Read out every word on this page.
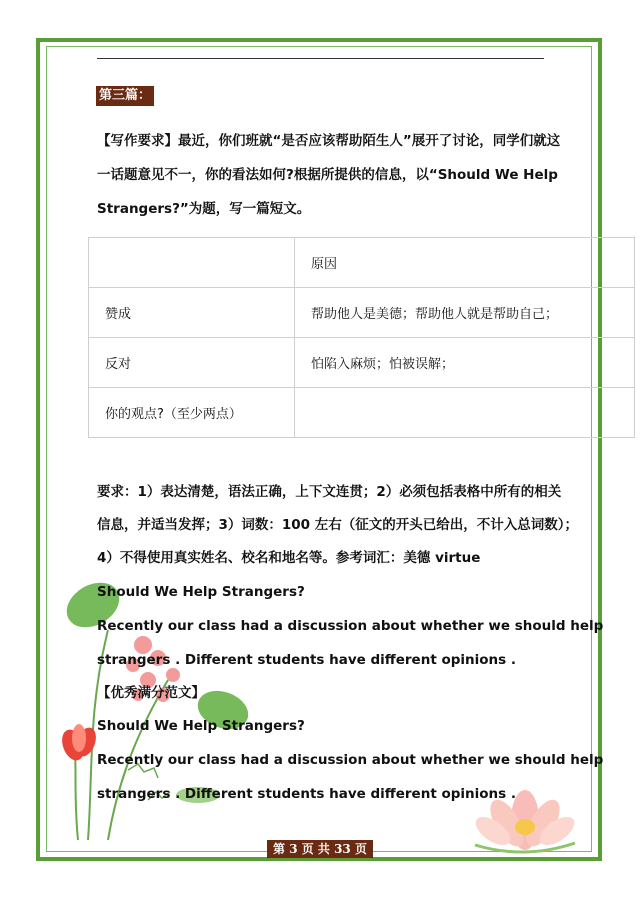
第三篇：
【写作要求】最近，你们班就“是否应该帮助陌生人”展开了讨论，同学们就这
一话题意见不一，你的看法如何?根据所提供的信息，以“Should We Help
Strangers?”为题，写一篇短文。
	原因
赞成	帮助他人是美德；帮助他人就是帮助自己；
反对	怕陷入麻烦；怕被误解；
你的观点?（至少两点）	
要求：1）表达清楚，语法正确，上下文连贯；2）必须包括表格中所有的相关
信息，并适当发挥；3）词数：100 左右（征文的开头已给出，不计入总词数）；
4）不得使用真实姓名、校名和地名等。参考词汇：美德 virtue
Should We Help Strangers?
Recently our class had a discussion about whether we should help
strangers . Different students have different opinions .
【优秀满分范文】
Should We Help Strangers?
Recently our class had a discussion about whether we should help
strangers . Different students have different opinions .
第 3 页 共 33 页
